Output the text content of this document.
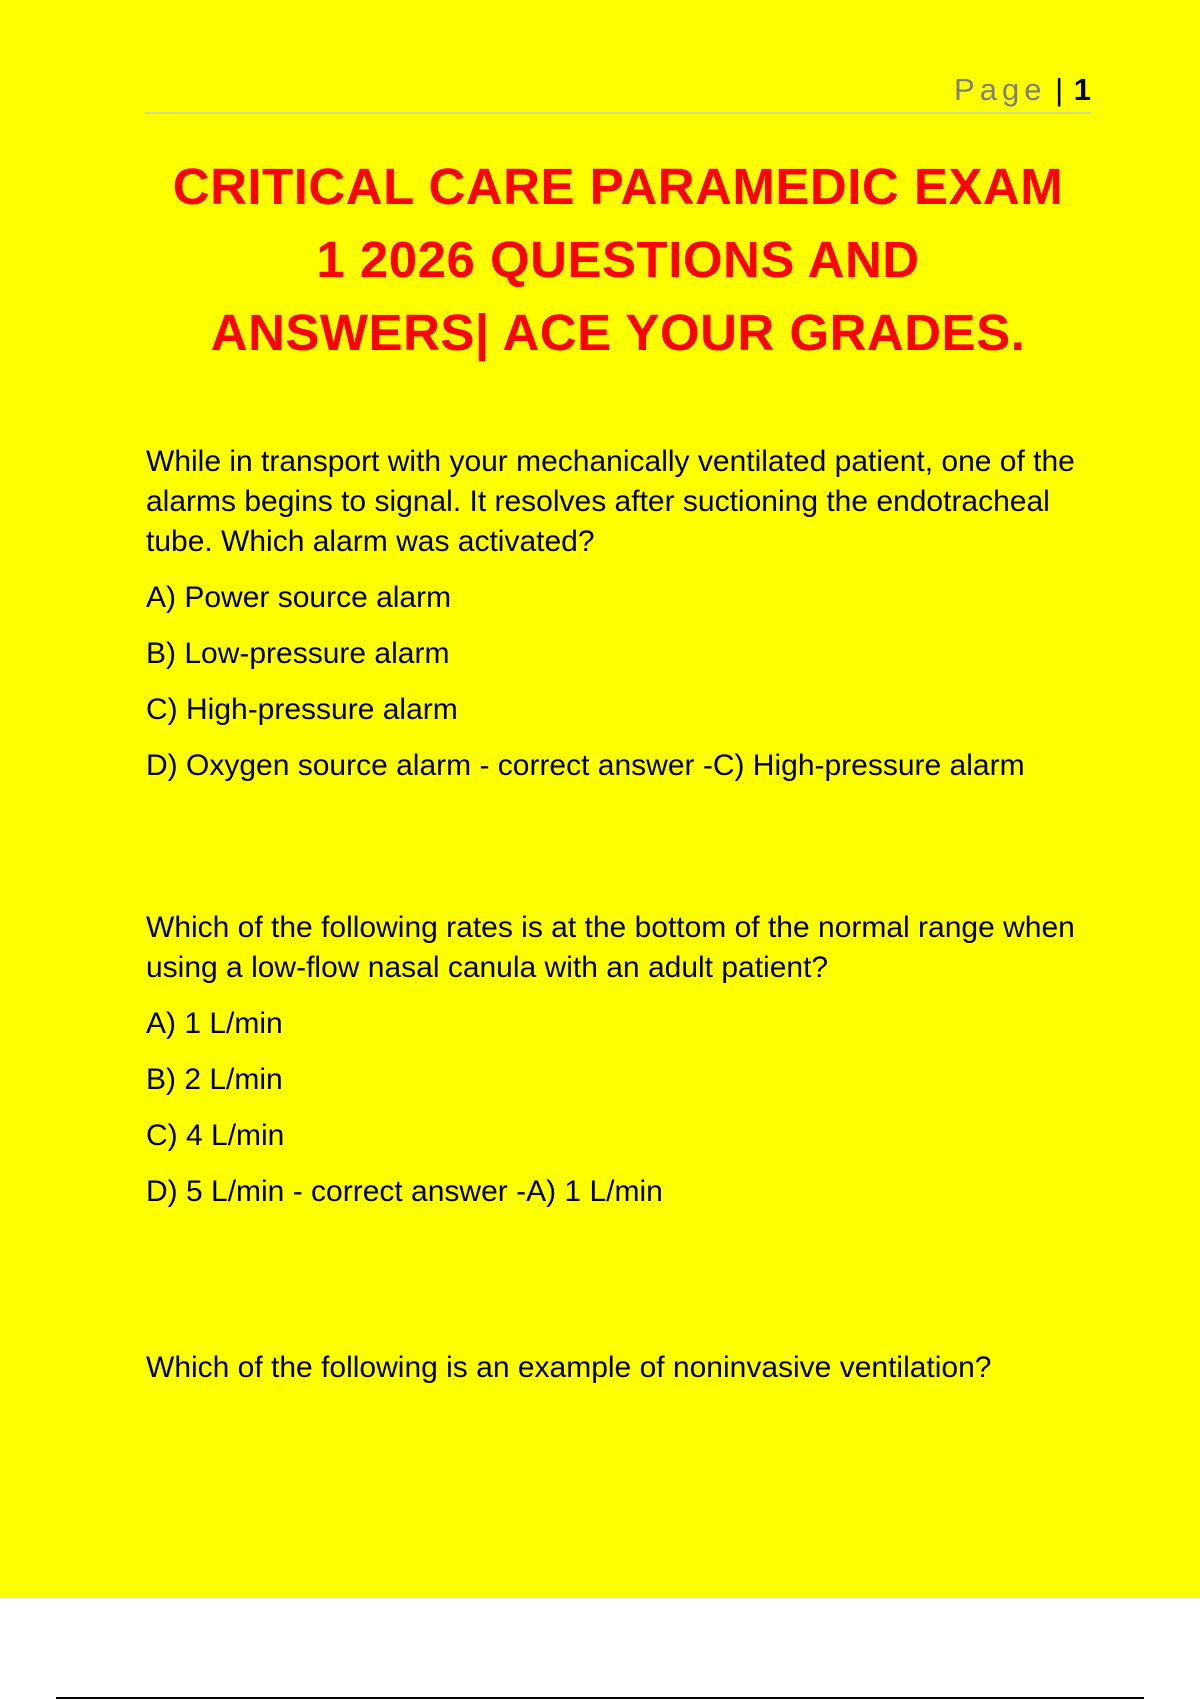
Page | 1
CRITICAL CARE PARAMEDIC EXAM
1 2026 QUESTIONS AND
ANSWERS| ACE YOUR GRADES.
While in transport with your mechanically ventilated patient, one of the alarms begins to signal. It resolves after suctioning the endotracheal tube. Which alarm was activated?
A) Power source alarm
B) Low-pressure alarm
C) High-pressure alarm
D) Oxygen source alarm - correct answer -C) High-pressure alarm
Which of the following rates is at the bottom of the normal range when using a low-flow nasal canula with an adult patient?
A) 1 L/min
B) 2 L/min
C) 4 L/min
D) 5 L/min - correct answer -A) 1 L/min
Which of the following is an example of noninvasive ventilation?
